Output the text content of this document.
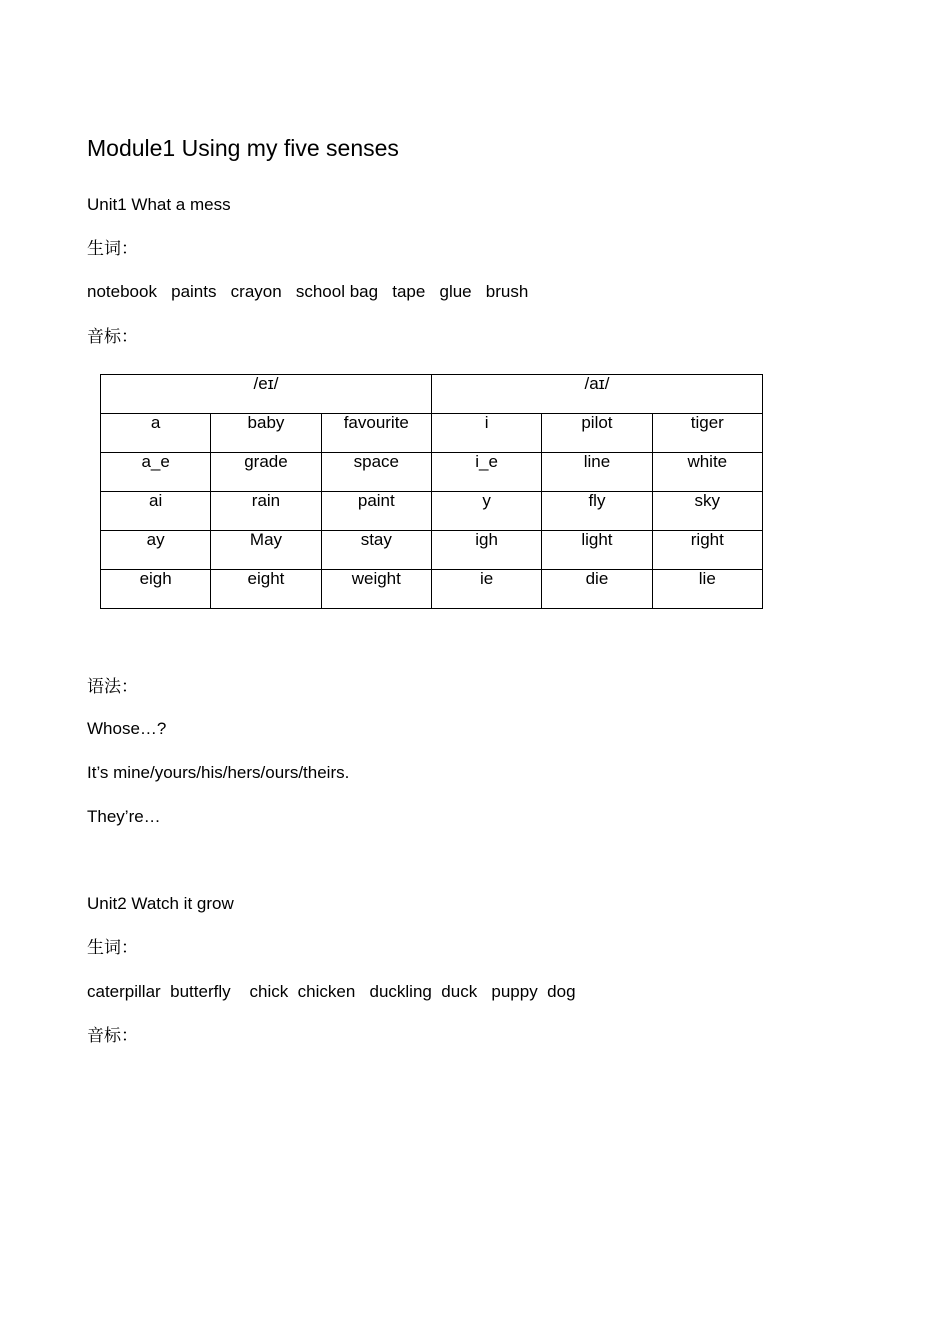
Module1 Using my five senses
Unit1 What a mess
生词：
notebook   paints   crayon   school bag   tape   glue   brush
音标：
/eɪ/			/aɪ/		
a	baby	favourite	i	pilot	tiger
a_e	grade	space	i_e	line	white
ai	rain	paint	y	fly	sky
ay	May	stay	igh	light	right
eigh	eight	weight	ie	die	lie
语法：
Whose…?
It’s mine/yours/his/hers/ours/theirs.
They’re…
Unit2 Watch it grow
生词：
caterpillar  butterfly    chick  chicken   duckling  duck   puppy  dog
音标：
